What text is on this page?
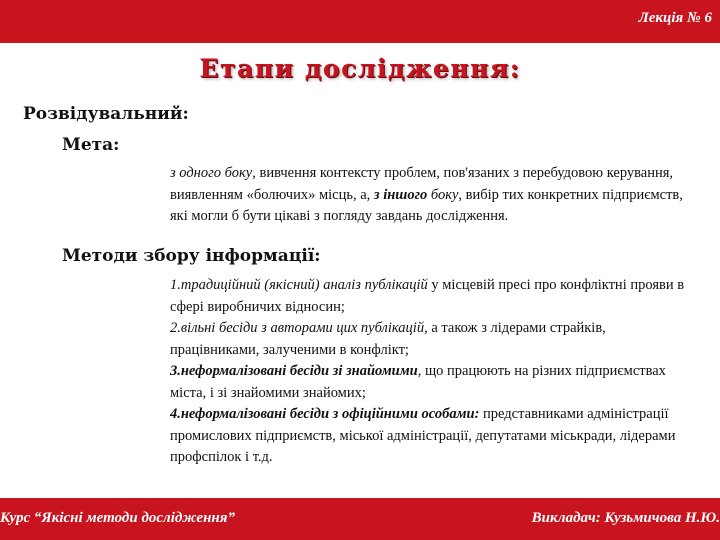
Лекція № 6
Етапи дослідження:
Розвідувальний:
Мета:

з одного боку, вивчення контексту проблем, пов'язаних з перебудовою керування, виявленням «болючих» місць, а, з іншого боку, вибір тих конкретних підприємств, які могли б бути цікаві з погляду завдань дослідження.

Методи збору інформації:

1.традиційний (якісний) аналіз публікацій у місцевій пресі про конфліктні прояви в сфері виробничих відносин;

2.вільні бесіди з авторами цих публікацій, а також з лідерами страйків, працівниками, залученими в конфлікт;

3.неформалізовані бесіди зі знайомими, що працюють на різних підприємствах міста, і зі знайомими знайомих;

4.неформалізовані бесіди з офіційними особами: представниками адміністрації промислових підприємств, міської адміністрації, депутатами міськради, лідерами профспілок і т.д.

Курс “Якісні методи дослідження”	Викладач: Кузьмичова Н.Ю.
